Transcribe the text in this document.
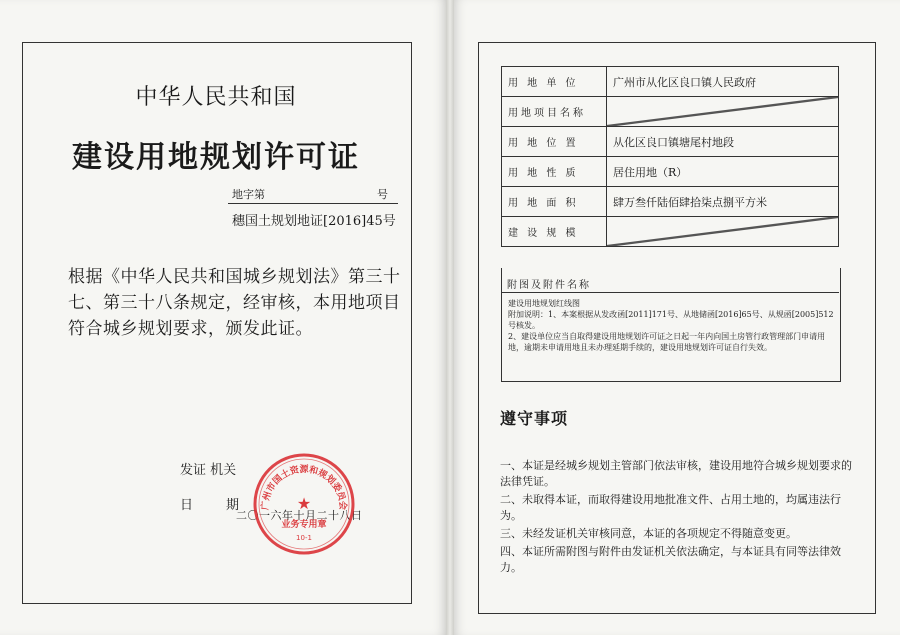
中华人民共和国
建设用地规划许可证
地字第	号
穗国土规划地证[2016]45号
根据《中华人民共和国城乡规划法》第三十七、第三十八条规定，经审核，本用地项目符合城乡规划要求，颁发此证。
发证 机关
日	期
二〇一六年十月二十八日
广州市国土资源和规划委员会
★
业务专用章
10-1
用 地 单 位	广州市从化区良口镇人民政府
用地项目名称	

用 地 位 置	从化区良口镇塘尾村地段
用 地 性 质	居住用地（R）
用 地 面 积	肆万叁仟陆佰肆拾柒点捌平方米
建 设 规 模	
附图及附件名称

建设用地规划红线图

附加说明：1、本案根据从发改函[2011]171号、从地储函[2016]65号、从规函[2005]512号核发。

2、建设单位应当自取得建设用地规划许可证之日起一年内向国土房管行政管理部门申请用地，逾期未申请用地且未办理延期手续的，建设用地规划许可证自行失效。

遵守事项

一、本证是经城乡规划主管部门依法审核，建设用地符合城乡规划要求的法律凭证。

二、未取得本证，而取得建设用地批准文件、占用土地的，均属违法行为。

三、未经发证机关审核同意，本证的各项规定不得随意变更。

四、本证所需附图与附件由发证机关依法确定，与本证具有同等法律效力。
